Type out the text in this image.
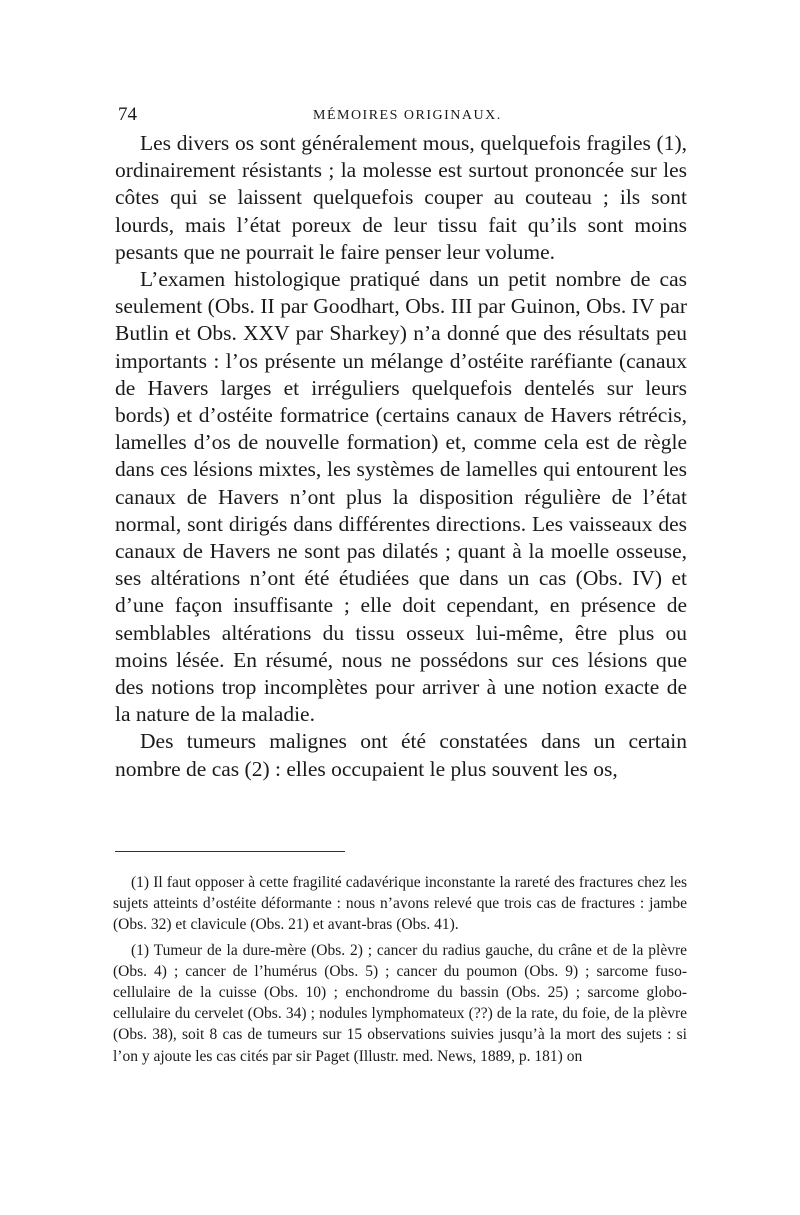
74	MÉMOIRES ORIGINAUX.

Les divers os sont généralement mous, quelquefois fragiles (1), ordinairement résistants ; la molesse est surtout prononcée sur les côtes qui se laissent quelquefois couper au couteau ; ils sont lourds, mais l’état poreux de leur tissu fait qu’ils sont moins pesants que ne pourrait le faire penser leur volume.

L’examen histologique pratiqué dans un petit nombre de cas seulement (Obs. II par Goodhart, Obs. III par Guinon, Obs. IV par Butlin et Obs. XXV par Sharkey) n’a donné que des résultats peu importants : l’os présente un mélange d’ostéite raréfiante (canaux de Havers larges et irréguliers quelquefois dentelés sur leurs bords) et d’ostéite formatrice (certains canaux de Havers rétrécis, lamelles d’os de nouvelle formation) et, comme cela est de règle dans ces lésions mixtes, les systèmes de lamelles qui entourent les canaux de Havers n’ont plus la disposition régulière de l’état normal, sont dirigés dans différentes directions. Les vaisseaux des canaux de Havers ne sont pas dilatés ; quant à la moelle osseuse, ses altérations n’ont été étudiées que dans un cas (Obs. IV) et d’une façon insuffisante ; elle doit cependant, en présence de semblables altérations du tissu osseux lui-même, être plus ou moins lésée. En résumé, nous ne possédons sur ces lésions que des notions trop incomplètes pour arriver à une notion exacte de la nature de la maladie.

Des tumeurs malignes ont été constatées dans un certain nombre de cas (2) : elles occupaient le plus souvent les os,

(1) Il faut opposer à cette fragilité cadavérique inconstante la rareté des fractures chez les sujets atteints d’ostéite déformante : nous n’avons relevé que trois cas de fractures : jambe (Obs. 32) et clavicule (Obs. 21) et avant-bras (Obs. 41).

(1) Tumeur de la dure-mère (Obs. 2) ; cancer du radius gauche, du crâne et de la plèvre (Obs. 4) ; cancer de l’humérus (Obs. 5) ; cancer du poumon (Obs. 9) ; sarcome fuso-cellulaire de la cuisse (Obs. 10) ; enchondrome du bassin (Obs. 25) ; sarcome globo-cellulaire du cervelet (Obs. 34) ; nodules lymphomateux (??) de la rate, du foie, de la plèvre (Obs. 38), soit 8 cas de tumeurs sur 15 observations suivies jusqu’à la mort des sujets : si l’on y ajoute les cas cités par sir Paget (Illustr. med. News, 1889, p. 181) on
